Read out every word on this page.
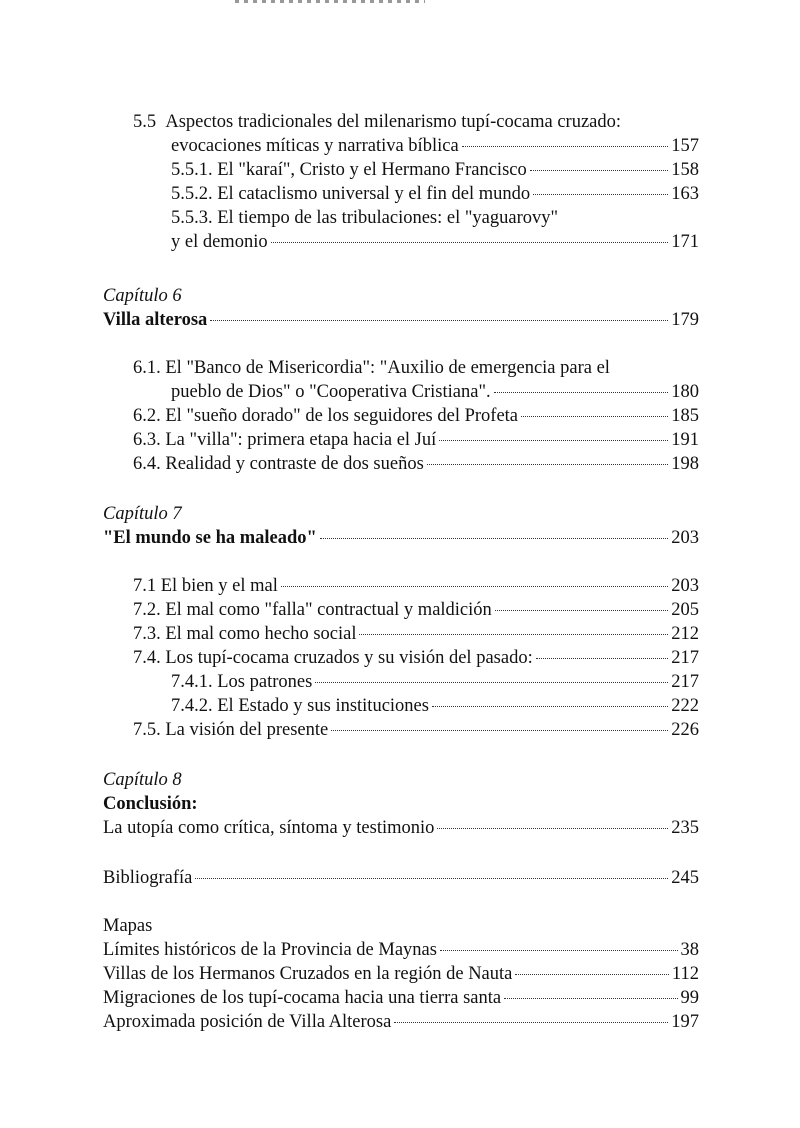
5.5 Aspectos tradicionales del milenarismo tupí-cocama cruzado:
evocaciones míticas y narrativa bíblica	157
5.5.1. El "karaí", Cristo y el Hermano Francisco	158
5.5.2. El cataclismo universal y el fin del mundo	163
5.5.3. El tiempo de las tribulaciones: el "yaguarovy"
y el demonio	171
Capítulo 6
Villa alterosa	179
6.1. El "Banco de Misericordia": "Auxilio de emergencia para el
pueblo de Dios" o "Cooperativa Cristiana".	180
6.2. El "sueño dorado" de los seguidores del Profeta	185
6.3. La "villa": primera etapa hacia el Juí	191
6.4. Realidad y contraste de dos sueños	198
Capítulo 7
"El mundo se ha maleado"	203
7.1 El bien y el mal	203
7.2. El mal como "falla" contractual y maldición	205
7.3. El mal como hecho social	212
7.4. Los tupí-cocama cruzados y su visión del pasado:	217
7.4.1. Los patrones	217
7.4.2. El Estado y sus instituciones	222
7.5. La visión del presente	226
Capítulo 8
Conclusión:
La utopía como crítica, síntoma y testimonio	235
Bibliografía	245
Mapas
Límites históricos de la Provincia de Maynas	38
Villas de los Hermanos Cruzados en la región de Nauta	112
Migraciones de los tupí-cocama hacia una tierra santa	99
Aproximada posición de Villa Alterosa	197
